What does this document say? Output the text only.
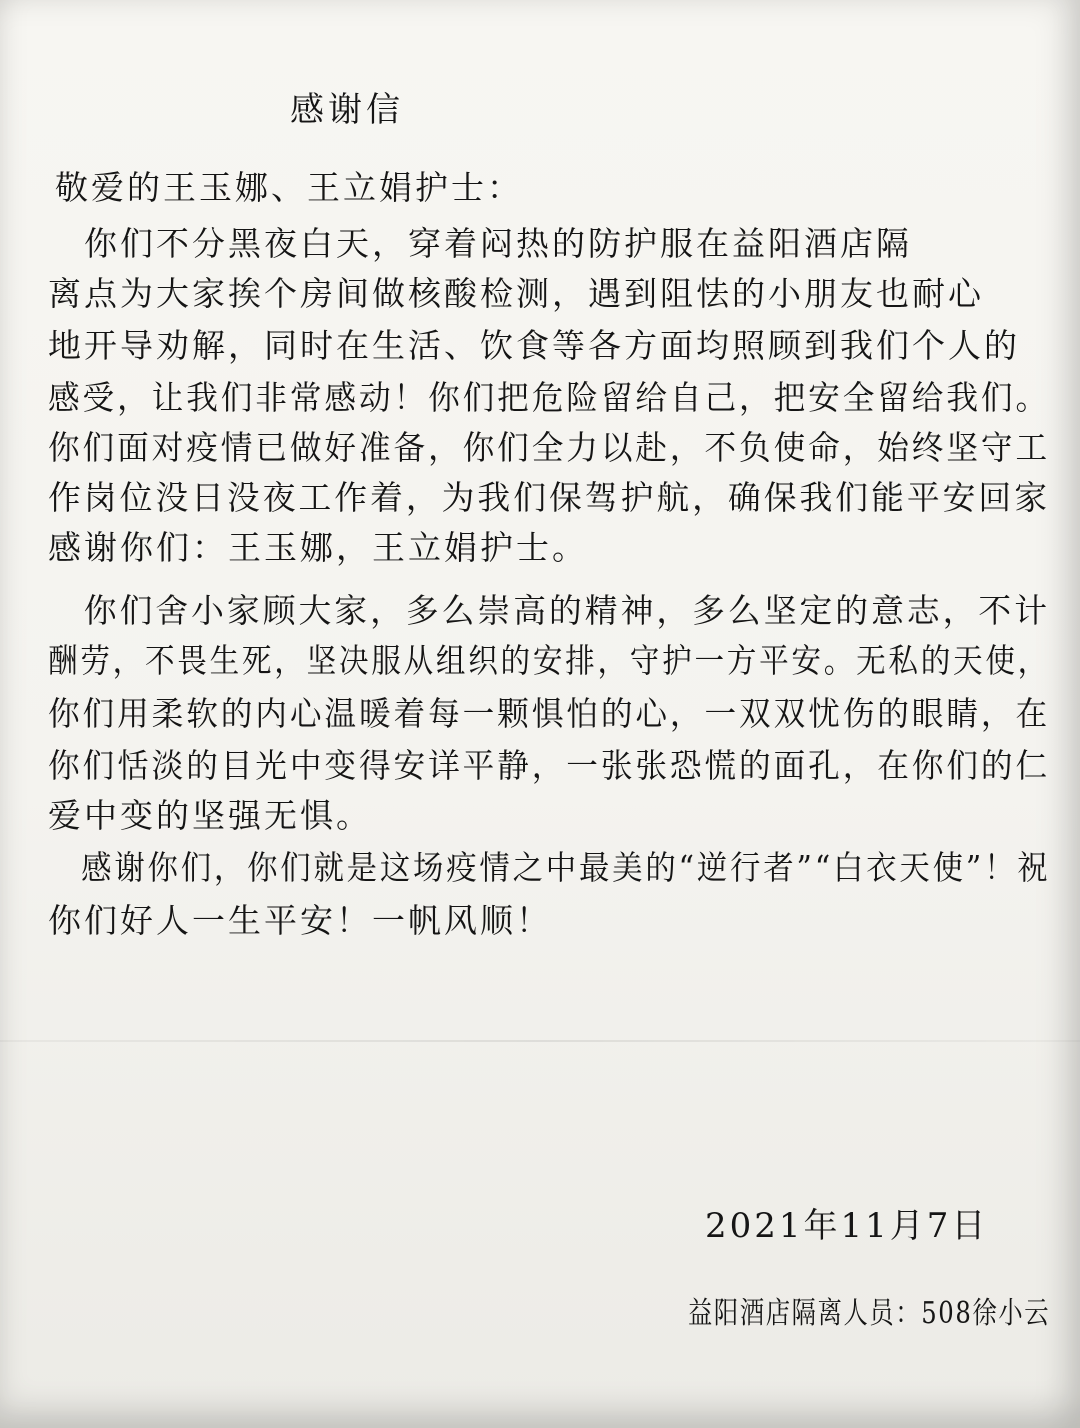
感谢信
敬爱的王玉娜、王立娟护士：
　你们不分黑夜白天，穿着闷热的防护服在益阳酒店隔
离点为大家挨个房间做核酸检测，遇到阻怯的小朋友也耐心
地开导劝解，同时在生活、饮食等各方面均照顾到我们个人的
感受，让我们非常感动！你们把危险留给自己，把安全留给我们。
你们面对疫情已做好准备，你们全力以赴，不负使命，始终坚守工
作岗位没日没夜工作着，为我们保驾护航，确保我们能平安回家
感谢你们：王玉娜，王立娟护士。
　你们舍小家顾大家，多么崇高的精神，多么坚定的意志，不计
酬劳，不畏生死，坚决服从组织的安排，守护一方平安。无私的天使，
你们用柔软的内心温暖着每一颗惧怕的心，一双双忧伤的眼睛，在
你们恬淡的目光中变得安详平静，一张张恐慌的面孔，在你们的仁
爱中变的坚强无惧。
　感谢你们，你们就是这场疫情之中最美的“逆行者”“白衣天使”！祝
你们好人一生平安！一帆风顺！
2021年11月7日
益阳酒店隔离人员：508徐小云
